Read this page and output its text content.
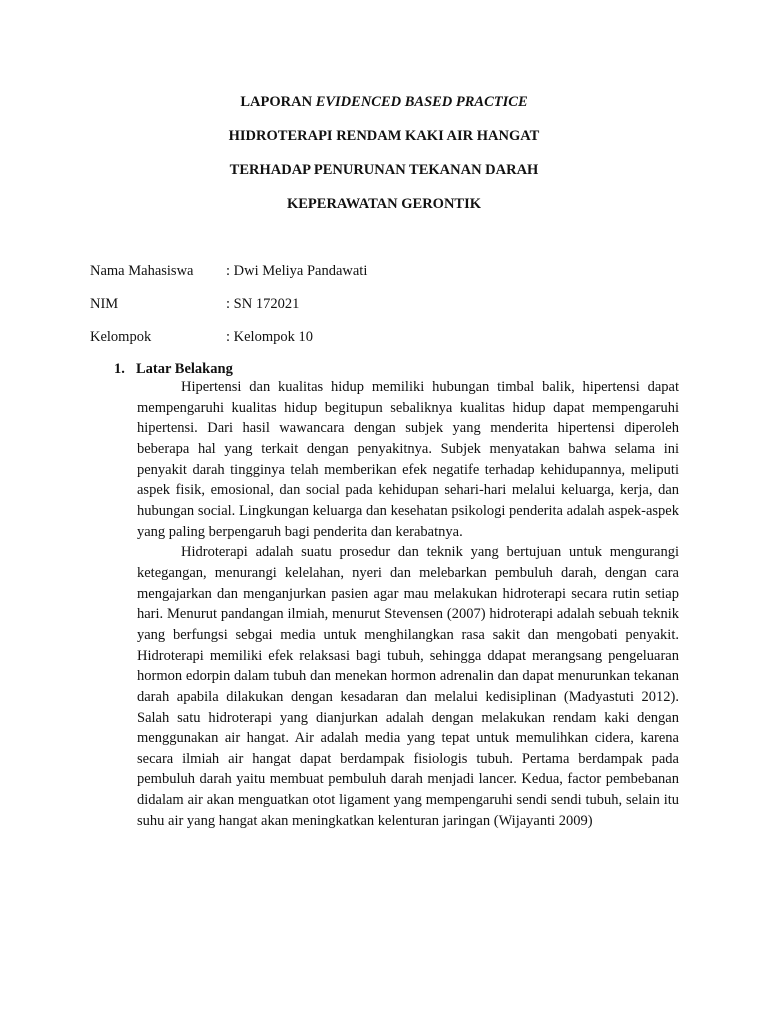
LAPORAN EVIDENCED BASED PRACTICE
HIDROTERAPI RENDAM KAKI AIR HANGAT
TERHADAP PENURUNAN TEKANAN DARAH
KEPERAWATAN GERONTIK
Nama Mahasiswa : Dwi Meliya Pandawati
NIM	: SN 172021
Kelompok	: Kelompok 10
1. Latar Belakang

Hipertensi dan kualitas hidup memiliki hubungan timbal balik, hipertensi dapat mempengaruhi kualitas hidup begitupun sebaliknya kualitas hidup dapat mempengaruhi hipertensi. Dari hasil wawancara dengan subjek yang menderita hipertensi diperoleh beberapa hal yang terkait dengan penyakitnya. Subjek menyatakan bahwa selama ini penyakit darah tingginya telah memberikan efek negatife terhadap kehidupannya, meliputi aspek fisik, emosional, dan social pada kehidupan sehari-hari melalui keluarga, kerja, dan hubungan social. Lingkungan keluarga dan kesehatan psikologi penderita adalah aspek-aspek yang paling berpengaruh bagi penderita dan kerabatnya.

Hidroterapi adalah suatu prosedur dan teknik yang bertujuan untuk mengurangi ketegangan, menurangi kelelahan, nyeri dan melebarkan pembuluh darah, dengan cara mengajarkan dan menganjurkan pasien agar mau melakukan hidroterapi secara rutin setiap hari. Menurut pandangan ilmiah, menurut Stevensen (2007) hidroterapi adalah sebuah teknik yang berfungsi sebgai media untuk menghilangkan rasa sakit dan mengobati penyakit. Hidroterapi memiliki efek relaksasi bagi tubuh, sehingga ddapat merangsang pengeluaran hormon edorpin dalam tubuh dan menekan hormon adrenalin dan dapat menurunkan tekanan darah apabila dilakukan dengan kesadaran dan melalui kedisiplinan (Madyastuti 2012). Salah satu hidroterapi yang dianjurkan adalah dengan melakukan rendam kaki dengan menggunakan air hangat. Air adalah media yang tepat untuk memulihkan cidera, karena secara ilmiah air hangat dapat berdampak fisiologis tubuh. Pertama berdampak pada pembuluh darah yaitu membuat pembuluh darah menjadi lancer. Kedua, factor pembebanan didalam air akan menguatkan otot ligament yang mempengaruhi sendi sendi tubuh, selain itu suhu air yang hangat akan meningkatkan kelenturan jaringan (Wijayanti 2009)
